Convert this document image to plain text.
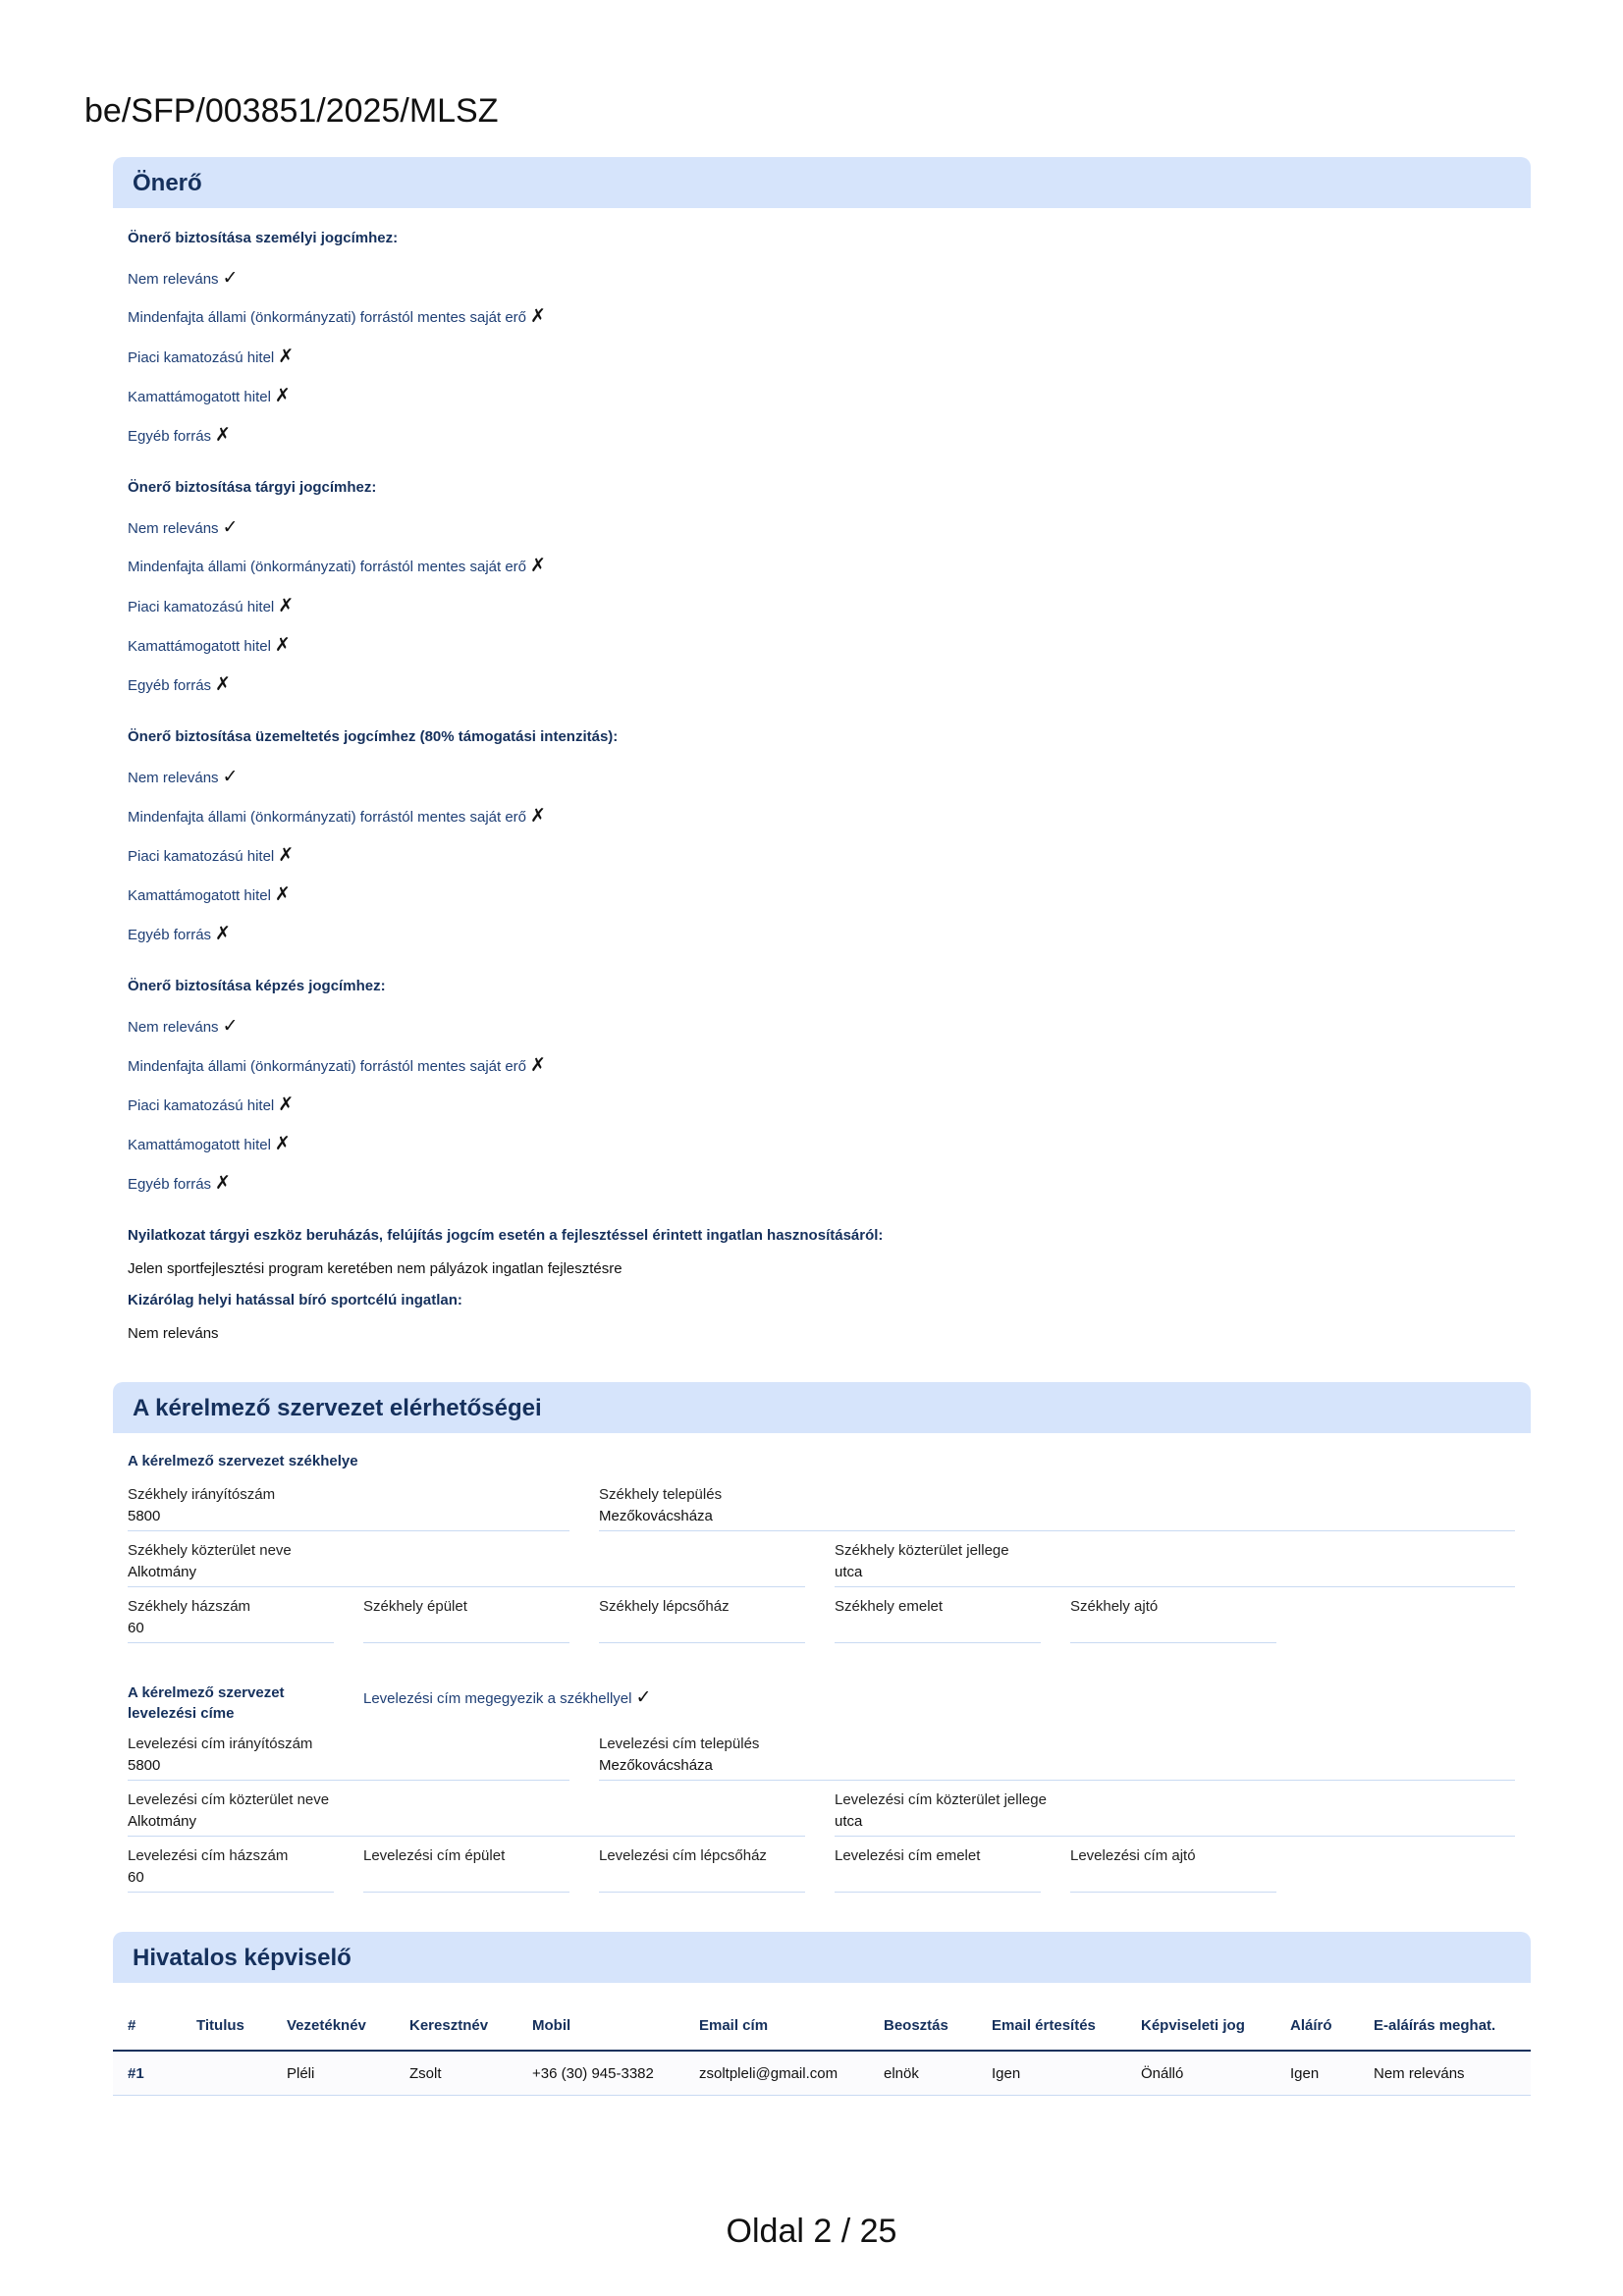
be/SFP/003851/2025/MLSZ
Önerő
Önerő biztosítása személyi jogcímhez:
Nem releváns ✓
Mindenfajta állami (önkormányzati) forrástól mentes saját erő ✗
Piaci kamatozású hitel ✗
Kamattámogatott hitel ✗
Egyéb forrás ✗
Önerő biztosítása tárgyi jogcímhez:
Nem releváns ✓
Mindenfajta állami (önkormányzati) forrástól mentes saját erő ✗
Piaci kamatozású hitel ✗
Kamattámogatott hitel ✗
Egyéb forrás ✗
Önerő biztosítása üzemeltetés jogcímhez (80% támogatási intenzitás):
Nem releváns ✓
Mindenfajta állami (önkormányzati) forrástól mentes saját erő ✗
Piaci kamatozású hitel ✗
Kamattámogatott hitel ✗
Egyéb forrás ✗
Önerő biztosítása képzés jogcímhez:
Nem releváns ✓
Mindenfajta állami (önkormányzati) forrástól mentes saját erő ✗
Piaci kamatozású hitel ✗
Kamattámogatott hitel ✗
Egyéb forrás ✗
Nyilatkozat tárgyi eszköz beruházás, felújítás jogcím esetén a fejlesztéssel érintett ingatlan hasznosításáról:
Jelen sportfejlesztési program keretében nem pályázok ingatlan fejlesztésre
Kizárólag helyi hatással bíró sportcélú ingatlan:
Nem releváns
A kérelmező szervezet elérhetőségei
A kérelmező szervezet székhelye
Székhely irányítószám
5800
Székhely település
Mezőkovácsháza
Székhely közterület neve
Alkotmány
Székhely közterület jellege
utca
Székhely házszám
60
Székhely épület	Székhely lépcsőház	Székhely emelet	Székhely ajtó
A kérelmező szervezet levelezési címe
Levelezési cím megegyezik a székhellyel ✓
Levelezési cím irányítószám
5800
Levelezési cím település
Mezőkovácsháza
Levelezési cím közterület neve
Alkotmány
Levelezési cím közterület jellege
utca
Levelezési cím házszám
60
Levelezési cím épület	Levelezési cím lépcsőház	Levelezési cím emelet	Levelezési cím ajtó
Hivatalos képviselő
#	Titulus	Vezetéknév	Keresztnév	Mobil	Email cím	Beosztás	Email értesítés	Képviseleti jog	Aláíró	E-aláírás meghat.
#1		Pléli	Zsolt	+36 (30) 945-3382	zsoltpleli@gmail.com	elnök	Igen	Önálló	Igen	Nem releváns
Oldal 2 / 25
